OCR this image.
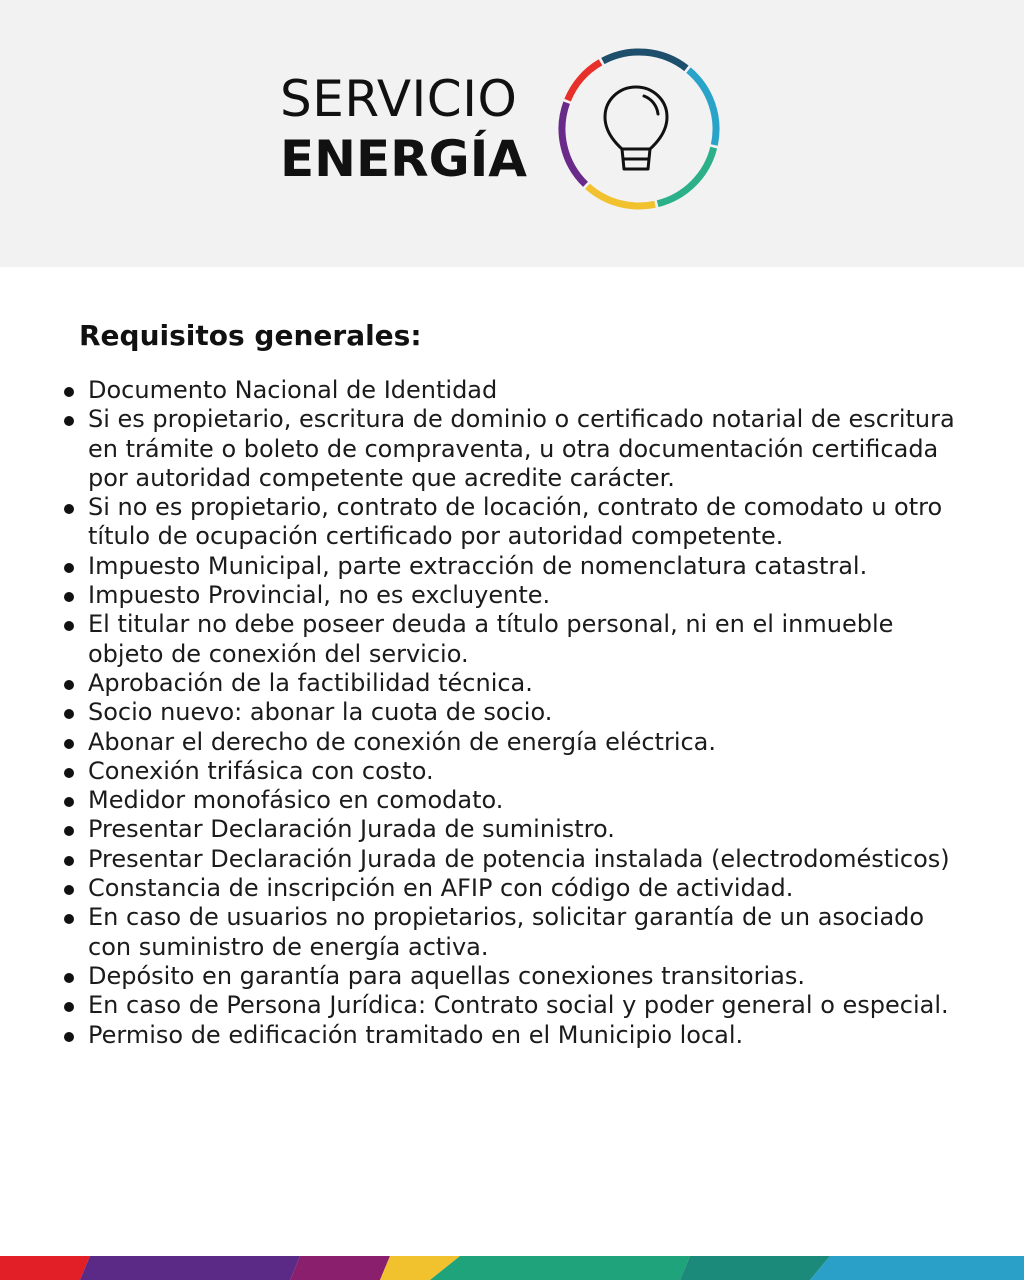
SERVICIO
ENERGÍA
Requisitos generales:
Documento Nacional de Identidad
Si es propietario, escritura de dominio o certificado notarial de escritura en trámite o boleto de compraventa, u otra documentación certificada por autoridad competente que acredite carácter.
Si no es propietario, contrato de locación, contrato de comodato u otro título de ocupación certificado por autoridad competente.
Impuesto Municipal, parte extracción de nomenclatura catastral.
Impuesto Provincial, no es excluyente.
El titular no debe poseer deuda a título personal, ni en el inmueble objeto de conexión del servicio.
Aprobación de la factibilidad técnica.
Socio nuevo: abonar la cuota de socio.
Abonar el derecho de conexión de energía eléctrica.
Conexión trifásica con costo.
Medidor monofásico en comodato.
Presentar Declaración Jurada de suministro.
Presentar Declaración Jurada de potencia instalada (electrodomésticos)
Constancia de inscripción en AFIP con código de actividad.
En caso de usuarios no propietarios, solicitar garantía de un asociado con suministro de energía activa.
Depósito en garantía para aquellas conexiones transitorias.
En caso de Persona Jurídica: Contrato social y poder general o especial.
Permiso de edificación tramitado en el Municipio local.
